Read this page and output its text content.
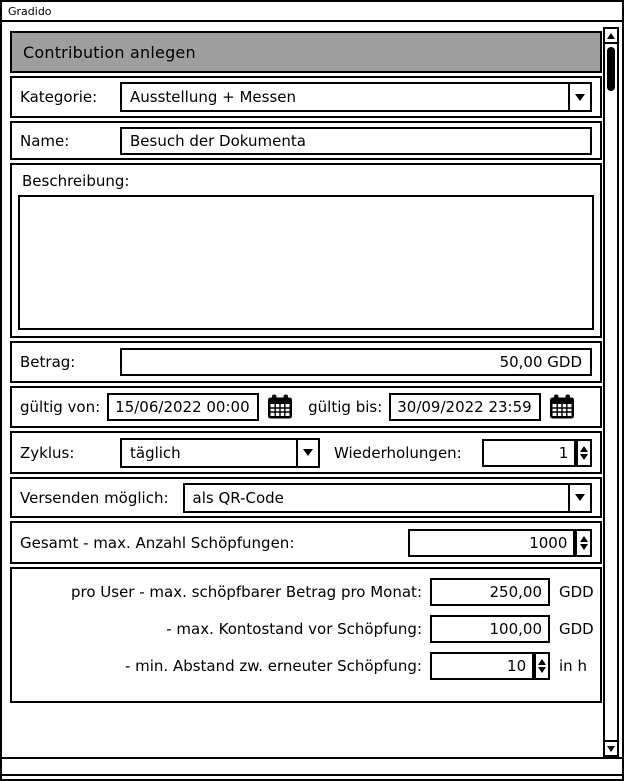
Gradido
Contribution anlegen
Kategorie:	Ausstellung + Messen
Name:
Besuch der Dokumenta
Beschreibung:
Betrag:
50,00 GDD
gültig von:
15/06/2022 00:00	gültig bis:
30/09/2022 23:59
Zyklus:	täglich	Wiederholungen:
1
Versenden möglich:	als QR-Code
Gesamt - max. Anzahl Schöpfungen:
1000
pro User - max. schöpfbarer Betrag pro Monat:
250,00	GDD
- max. Kontostand vor Schöpfung:
100,00	GDD
- min. Abstand zw. erneuter Schöpfung:
10	in h
